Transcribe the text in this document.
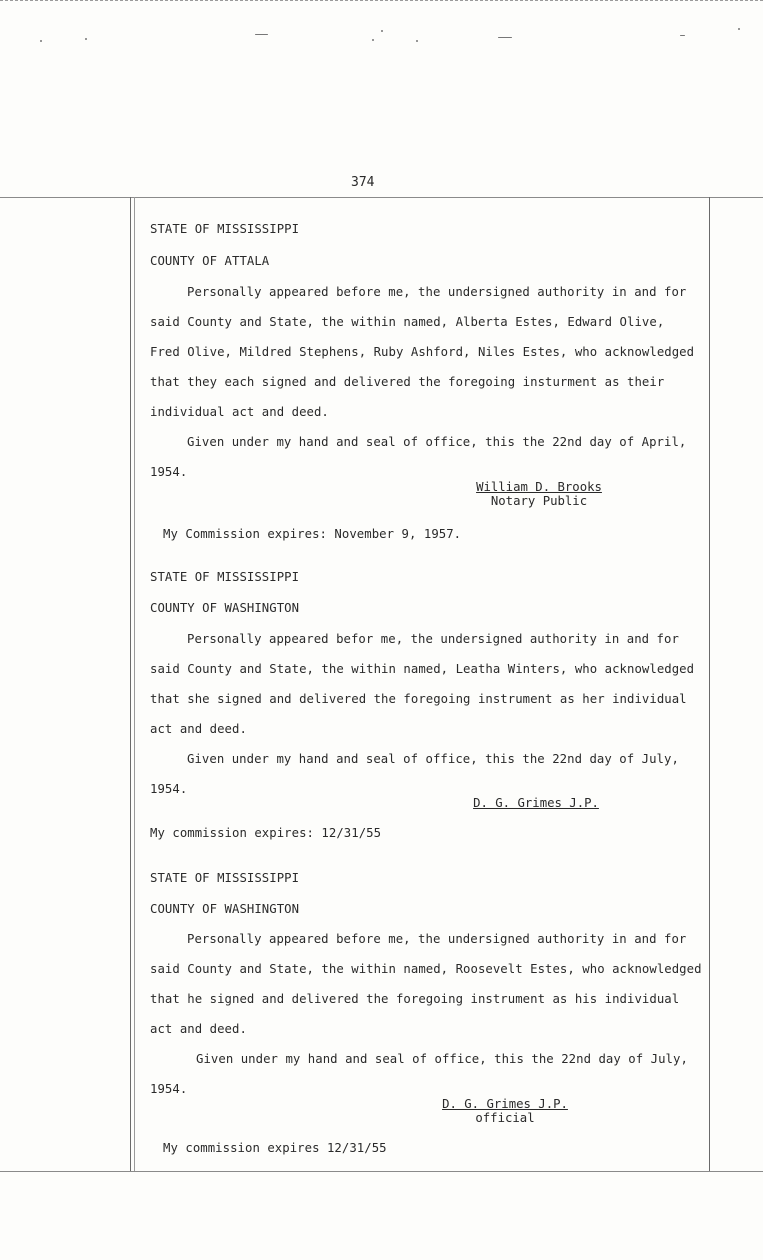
374
STATE OF MISSISSIPPI
COUNTY OF ATTALA
Personally appeared before me, the undersigned authority in and for
said County and State, the within named, Alberta Estes, Edward Olive,
Fred Olive, Mildred Stephens, Ruby Ashford, Niles Estes, who acknowledged
that they each signed and delivered the foregoing insturment as their
individual act and deed.
Given under my hand and seal of office, this the 22nd day of April,
1954.
William D. Brooks
Notary Public
My Commission expires: November 9, 1957.
STATE OF MISSISSIPPI
COUNTY OF WASHINGTON
Personally appeared befor me, the undersigned authority in and for
said County and State, the within named, Leatha Winters, who acknowledged
that she signed and delivered the foregoing instrument as her individual
act and deed.
Given under my hand and seal of office, this the 22nd day of July,
1954.
D. G. Grimes J.P.
My commission expires: 12/31/55
STATE OF MISSISSIPPI
COUNTY OF WASHINGTON
Personally appeared before me, the undersigned authority in and for
said County and State, the within named, Roosevelt Estes, who acknowledged
that he signed and delivered the foregoing instrument as his individual
act and deed.
Given under my hand and seal of office, this the 22nd day of July,
1954.
D. G. Grimes J.P.
official
My commission expires 12/31/55
